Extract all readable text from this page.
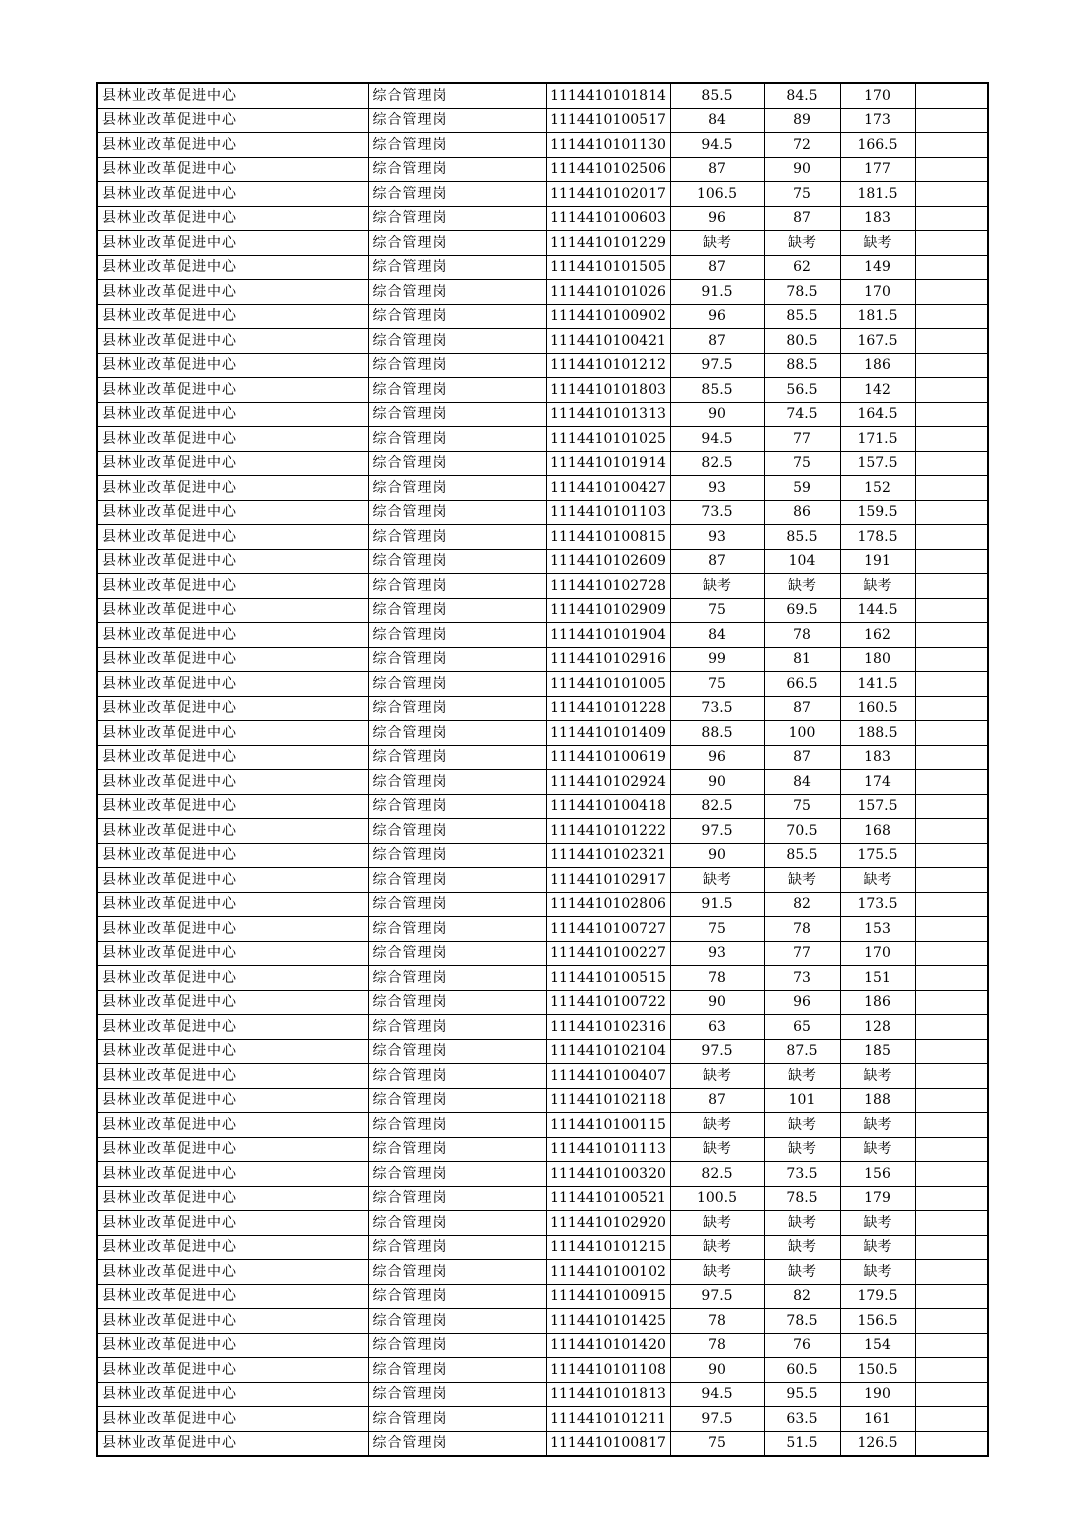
县林业改革促进中心	综合管理岗	1114410101814	85.5	84.5	170	
县林业改革促进中心	综合管理岗	1114410100517	84	89	173	
县林业改革促进中心	综合管理岗	1114410101130	94.5	72	166.5	
县林业改革促进中心	综合管理岗	1114410102506	87	90	177	
县林业改革促进中心	综合管理岗	1114410102017	106.5	75	181.5	
县林业改革促进中心	综合管理岗	1114410100603	96	87	183	
县林业改革促进中心	综合管理岗	1114410101229	缺考	缺考	缺考	
县林业改革促进中心	综合管理岗	1114410101505	87	62	149	
县林业改革促进中心	综合管理岗	1114410101026	91.5	78.5	170	
县林业改革促进中心	综合管理岗	1114410100902	96	85.5	181.5	
县林业改革促进中心	综合管理岗	1114410100421	87	80.5	167.5	
县林业改革促进中心	综合管理岗	1114410101212	97.5	88.5	186	
县林业改革促进中心	综合管理岗	1114410101803	85.5	56.5	142	
县林业改革促进中心	综合管理岗	1114410101313	90	74.5	164.5	
县林业改革促进中心	综合管理岗	1114410101025	94.5	77	171.5	
县林业改革促进中心	综合管理岗	1114410101914	82.5	75	157.5	
县林业改革促进中心	综合管理岗	1114410100427	93	59	152	
县林业改革促进中心	综合管理岗	1114410101103	73.5	86	159.5	
县林业改革促进中心	综合管理岗	1114410100815	93	85.5	178.5	
县林业改革促进中心	综合管理岗	1114410102609	87	104	191	
县林业改革促进中心	综合管理岗	1114410102728	缺考	缺考	缺考	
县林业改革促进中心	综合管理岗	1114410102909	75	69.5	144.5	
县林业改革促进中心	综合管理岗	1114410101904	84	78	162	
县林业改革促进中心	综合管理岗	1114410102916	99	81	180	
县林业改革促进中心	综合管理岗	1114410101005	75	66.5	141.5	
县林业改革促进中心	综合管理岗	1114410101228	73.5	87	160.5	
县林业改革促进中心	综合管理岗	1114410101409	88.5	100	188.5	
县林业改革促进中心	综合管理岗	1114410100619	96	87	183	
县林业改革促进中心	综合管理岗	1114410102924	90	84	174	
县林业改革促进中心	综合管理岗	1114410100418	82.5	75	157.5	
县林业改革促进中心	综合管理岗	1114410101222	97.5	70.5	168	
县林业改革促进中心	综合管理岗	1114410102321	90	85.5	175.5	
县林业改革促进中心	综合管理岗	1114410102917	缺考	缺考	缺考	
县林业改革促进中心	综合管理岗	1114410102806	91.5	82	173.5	
县林业改革促进中心	综合管理岗	1114410100727	75	78	153	
县林业改革促进中心	综合管理岗	1114410100227	93	77	170	
县林业改革促进中心	综合管理岗	1114410100515	78	73	151	
县林业改革促进中心	综合管理岗	1114410100722	90	96	186	
县林业改革促进中心	综合管理岗	1114410102316	63	65	128	
县林业改革促进中心	综合管理岗	1114410102104	97.5	87.5	185	
县林业改革促进中心	综合管理岗	1114410100407	缺考	缺考	缺考	
县林业改革促进中心	综合管理岗	1114410102118	87	101	188	
县林业改革促进中心	综合管理岗	1114410100115	缺考	缺考	缺考	
县林业改革促进中心	综合管理岗	1114410101113	缺考	缺考	缺考	
县林业改革促进中心	综合管理岗	1114410100320	82.5	73.5	156	
县林业改革促进中心	综合管理岗	1114410100521	100.5	78.5	179	
县林业改革促进中心	综合管理岗	1114410102920	缺考	缺考	缺考	
县林业改革促进中心	综合管理岗	1114410101215	缺考	缺考	缺考	
县林业改革促进中心	综合管理岗	1114410100102	缺考	缺考	缺考	
县林业改革促进中心	综合管理岗	1114410100915	97.5	82	179.5	
县林业改革促进中心	综合管理岗	1114410101425	78	78.5	156.5	
县林业改革促进中心	综合管理岗	1114410101420	78	76	154	
县林业改革促进中心	综合管理岗	1114410101108	90	60.5	150.5	
县林业改革促进中心	综合管理岗	1114410101813	94.5	95.5	190	
县林业改革促进中心	综合管理岗	1114410101211	97.5	63.5	161	
县林业改革促进中心	综合管理岗	1114410100817	75	51.5	126.5	
